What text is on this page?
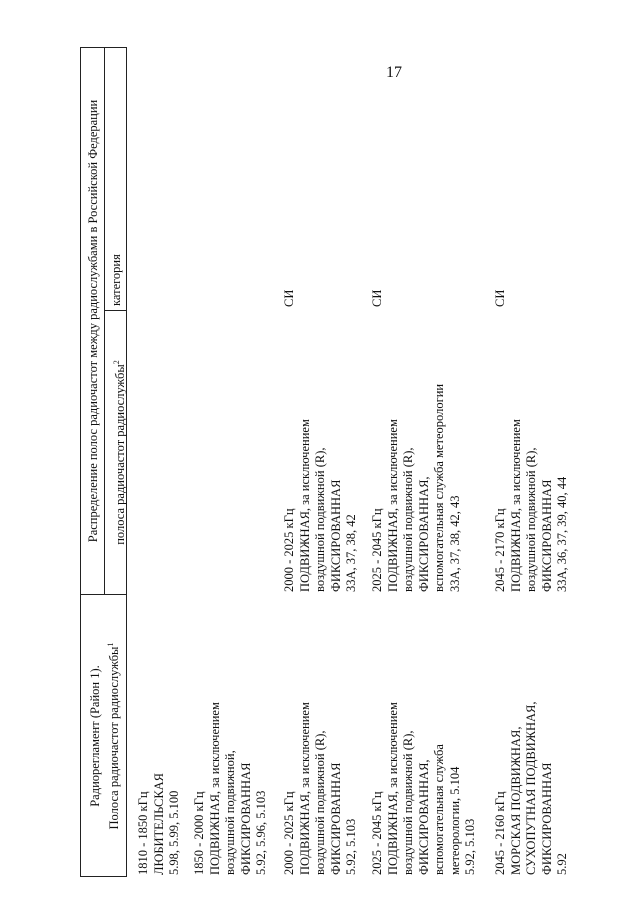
17
Радиорегламент (Район 1). Полоса радиочастот радиослужбы$^1$
Распределение полос радиочастот между радиослужбами в Российской Федерации	полоса радиочастот радиослужбы$^2$
категория
1810 - 1850 кГц
ЛЮБИТЕЛЬСКАЯ
5.98, 5.99, 5.100
1850 - 2000 кГц
ПОДВИЖНАЯ, за исключением
воздушной подвижной,
ФИКСИРОВАННАЯ
5.92, 5.96, 5.103
2000 - 2025 кГц
ПОДВИЖНАЯ, за исключением
воздушной подвижной (R),
ФИКСИРОВАННАЯ
5.92, 5.103
2000 - 2025 кГц
ПОДВИЖНАЯ, за исключением
воздушной подвижной (R),
ФИКСИРОВАННАЯ
33А, 37, 38, 42
СИ
2025 - 2045 кГц
ПОДВИЖНАЯ, за исключением
воздушной подвижной (R),
ФИКСИРОВАННАЯ,
вспомогательная служба
метеорологии, 5.104
5.92, 5.103
2025 - 2045 кГц
ПОДВИЖНАЯ, за исключением
воздушной подвижной (R),
ФИКСИРОВАННАЯ,
вспомогательная служба метеорологии
33А, 37, 38, 42, 43
СИ
2045 - 2160 кГц
МОРСКАЯ ПОДВИЖНАЯ,
СУХОПУТНАЯ ПОДВИЖНАЯ,
ФИКСИРОВАННАЯ
5.92
2045 - 2170 кГц
ПОДВИЖНАЯ, за исключением
воздушной подвижной (R),
ФИКСИРОВАННАЯ
33А, 36, 37, 39, 40, 44
СИ
